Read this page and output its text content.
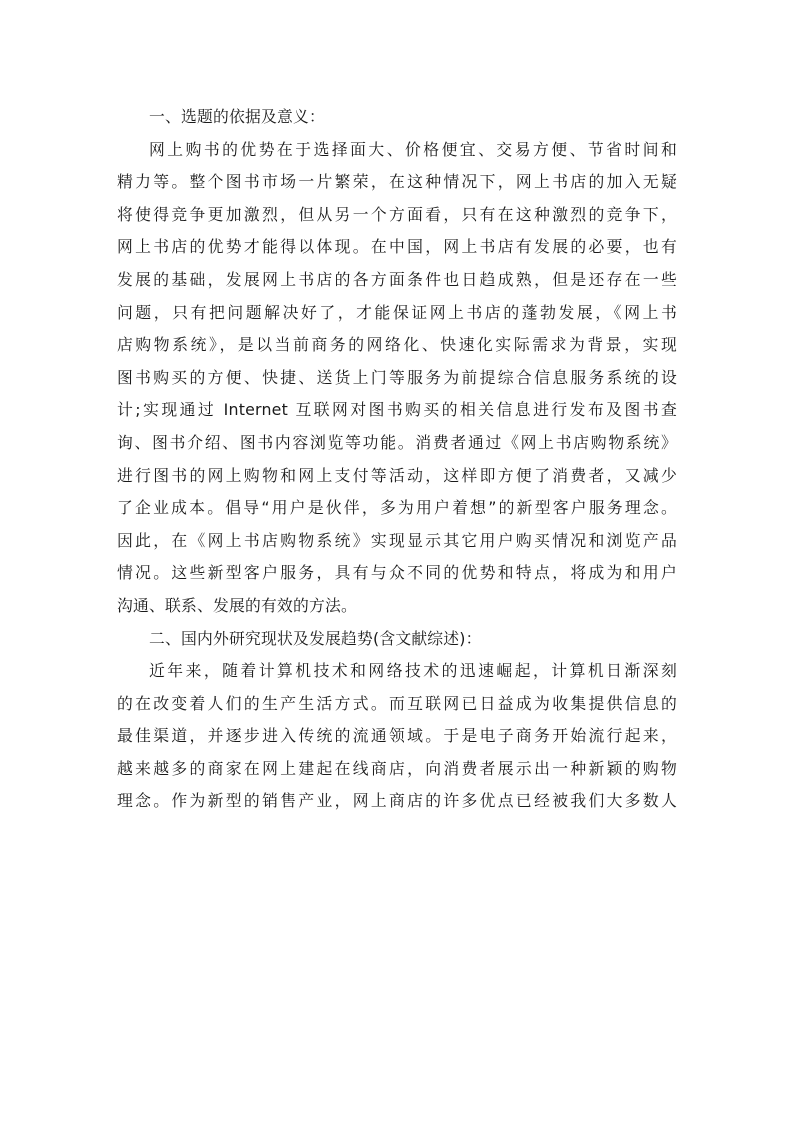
一、选题的依据及意义：
网上购书的优势在于选择面大、价格便宜、交易方便、节省时间和
精力等。整个图书市场一片繁荣，在这种情况下，网上书店的加入无疑
将使得竞争更加激烈，但从另一个方面看，只有在这种激烈的竞争下，
网上书店的优势才能得以体现。在中国，网上书店有发展的必要，也有
发展的基础，发展网上书店的各方面条件也日趋成熟，但是还存在一些
问题，只有把问题解决好了，才能保证网上书店的蓬勃发展，《网上书
店购物系统》，是以当前商务的网络化、快速化实际需求为背景，实现
图书购买的方便、快捷、送货上门等服务为前提综合信息服务系统的设
计;实现通过 Internet 互联网对图书购买的相关信息进行发布及图书查
询、图书介绍、图书内容浏览等功能。消费者通过《网上书店购物系统》
进行图书的网上购物和网上支付等活动，这样即方便了消费者，又减少
了企业成本。倡导“用户是伙伴，多为用户着想”的新型客户服务理念。
因此，在《网上书店购物系统》实现显示其它用户购买情况和浏览产品
情况。这些新型客户服务，具有与众不同的优势和特点，将成为和用户
沟通、联系、发展的有效的方法。
二、国内外研究现状及发展趋势(含文献综述)：
近年来，随着计算机技术和网络技术的迅速崛起，计算机日渐深刻
的在改变着人们的生产生活方式。而互联网已日益成为收集提供信息的
最佳渠道，并逐步进入传统的流通领域。于是电子商务开始流行起来，
越来越多的商家在网上建起在线商店，向消费者展示出一种新颖的购物
理念。作为新型的销售产业，网上商店的许多优点已经被我们大多数人
